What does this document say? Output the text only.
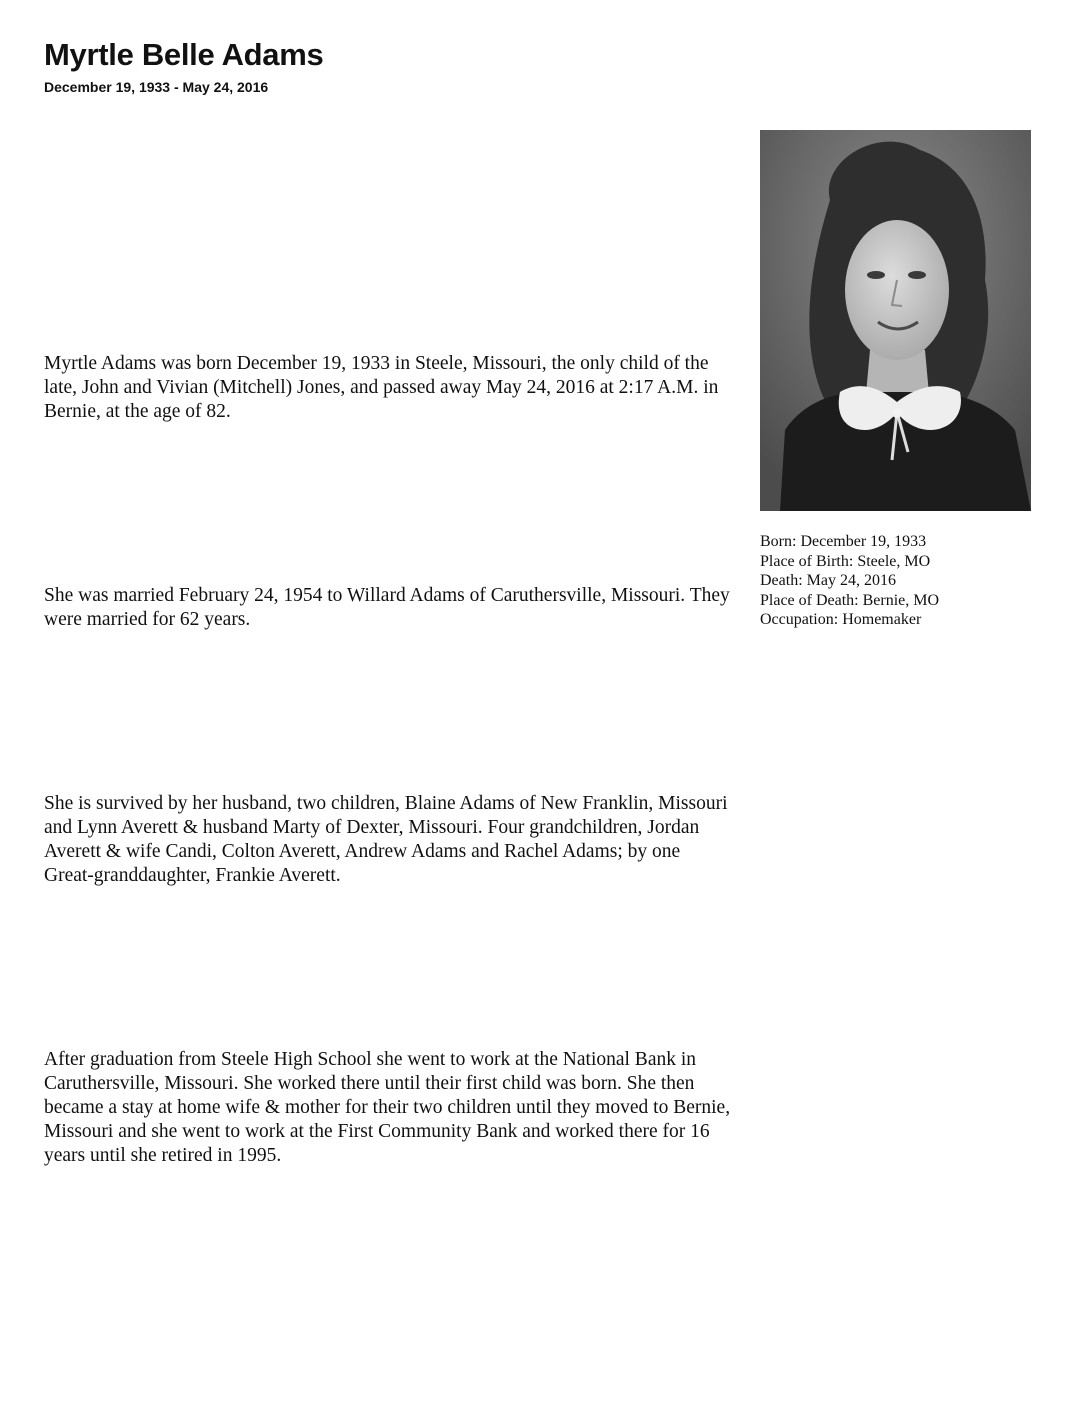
Myrtle Belle Adams
December 19, 1933 - May 24, 2016

Myrtle Adams was born December 19, 1933 in Steele, Missouri, the only child of the late, John and Vivian (Mitchell) Jones, and passed away May 24, 2016 at 2:17 A.M. in Bernie, at the age of 82.

She was married February 24, 1954 to Willard Adams of Caruthersville, Missouri. They were married for 62 years.

She is survived by her husband, two children, Blaine Adams of New Franklin, Missouri and Lynn Averett & husband Marty of Dexter, Missouri. Four grandchildren, Jordan Averett & wife Candi, Colton Averett, Andrew Adams and Rachel Adams; by one Great-granddaughter, Frankie Averett.

After graduation from Steele High School she went to work at the National Bank in Caruthersville, Missouri. She worked there until their first child was born. She then became a stay at home wife & mother for their two children until they moved to Bernie, Missouri and she went to work at the First Community Bank and worked there for 16 years until she retired in 1995.

Born: December 19, 1933
Place of Birth: Steele, MO
Death: May 24, 2016
Place of Death: Bernie, MO
Occupation: Homemaker
